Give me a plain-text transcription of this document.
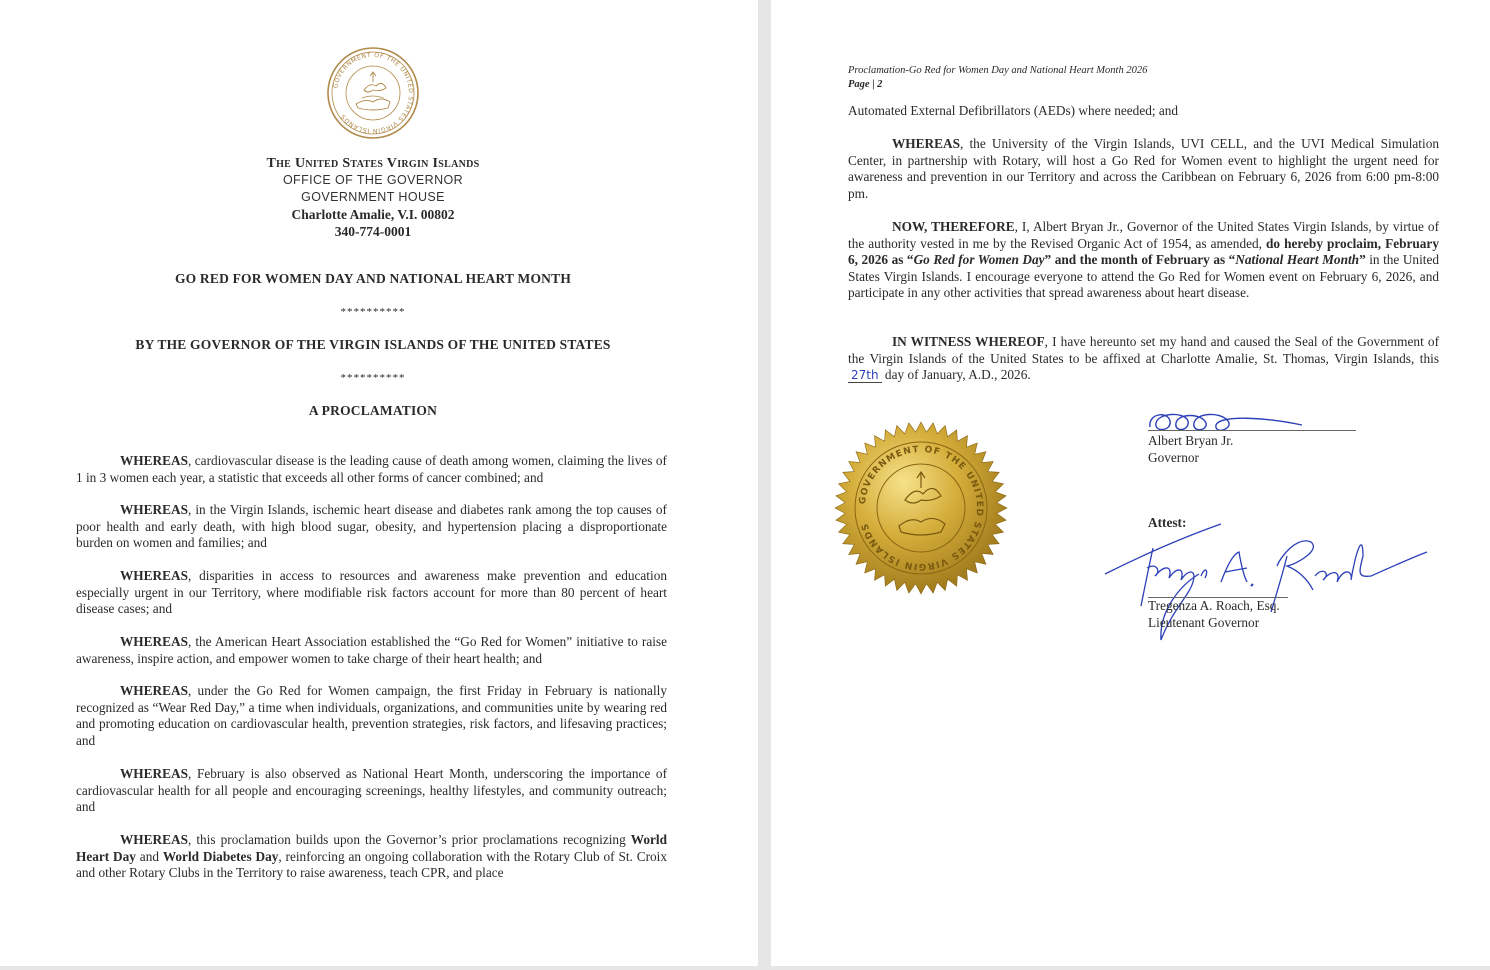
GOVERNMENT OF THE UNITED STATES VIRGIN ISLANDS
The United States Virgin Islands
OFFICE OF THE GOVERNOR
GOVERNMENT HOUSE
Charlotte Amalie, V.I. 00802
340-774-0001
GO RED FOR WOMEN DAY AND NATIONAL HEART MONTH
**********
BY THE GOVERNOR OF THE VIRGIN ISLANDS OF THE UNITED STATES
**********
A PROCLAMATION
WHEREAS, cardiovascular disease is the leading cause of death among women, claiming the lives of 1 in 3 women each year, a statistic that exceeds all other forms of cancer combined; and
WHEREAS, in the Virgin Islands, ischemic heart disease and diabetes rank among the top causes of poor health and early death, with high blood sugar, obesity, and hypertension placing a disproportionate burden on women and families; and
WHEREAS, disparities in access to resources and awareness make prevention and education especially urgent in our Territory, where modifiable risk factors account for more than 80 percent of heart disease cases; and
WHEREAS, the American Heart Association established the “Go Red for Women” initiative to raise awareness, inspire action, and empower women to take charge of their heart health; and
WHEREAS, under the Go Red for Women campaign, the first Friday in February is nationally recognized as “Wear Red Day,” a time when individuals, organizations, and communities unite by wearing red and promoting education on cardiovascular health, prevention strategies, risk factors, and lifesaving practices; and
WHEREAS, February is also observed as National Heart Month, underscoring the importance of cardiovascular health for all people and encouraging screenings, healthy lifestyles, and community outreach; and
WHEREAS, this proclamation builds upon the Governor’s prior proclamations recognizing World Heart Day and World Diabetes Day, reinforcing an ongoing collaboration with the Rotary Club of St. Croix and other Rotary Clubs in the Territory to raise awareness, teach CPR, and place
Proclamation-Go Red for Women Day and National Heart Month 2026
Page | 2
Automated External Defibrillators (AEDs) where needed; and
WHEREAS, the University of the Virgin Islands, UVI CELL, and the UVI Medical Simulation Center, in partnership with Rotary, will host a Go Red for Women event to highlight the urgent need for awareness and prevention in our Territory and across the Caribbean on February 6, 2026 from 6:00 pm-8:00 pm.
NOW, THEREFORE, I, Albert Bryan Jr., Governor of the United States Virgin Islands, by virtue of the authority vested in me by the Revised Organic Act of 1954, as amended, do hereby proclaim, February 6, 2026 as “Go Red for Women Day” and the month of February as “National Heart Month” in the United States Virgin Islands. I encourage everyone to attend the Go Red for Women event on February 6, 2026, and participate in any other activities that spread awareness about heart disease.
IN WITNESS WHEREOF, I have hereunto set my hand and caused the Seal of the Government of the Virgin Islands of the United States to be affixed at Charlotte Amalie, St. Thomas, Virgin Islands, this 27th day of January, A.D., 2026.
GOVERNMENT OF THE UNITED STATES VIRGIN ISLANDS
Albert Bryan Jr.
Governor
Attest:
Tregenza A. Roach, Esq.
Lieutenant Governor
